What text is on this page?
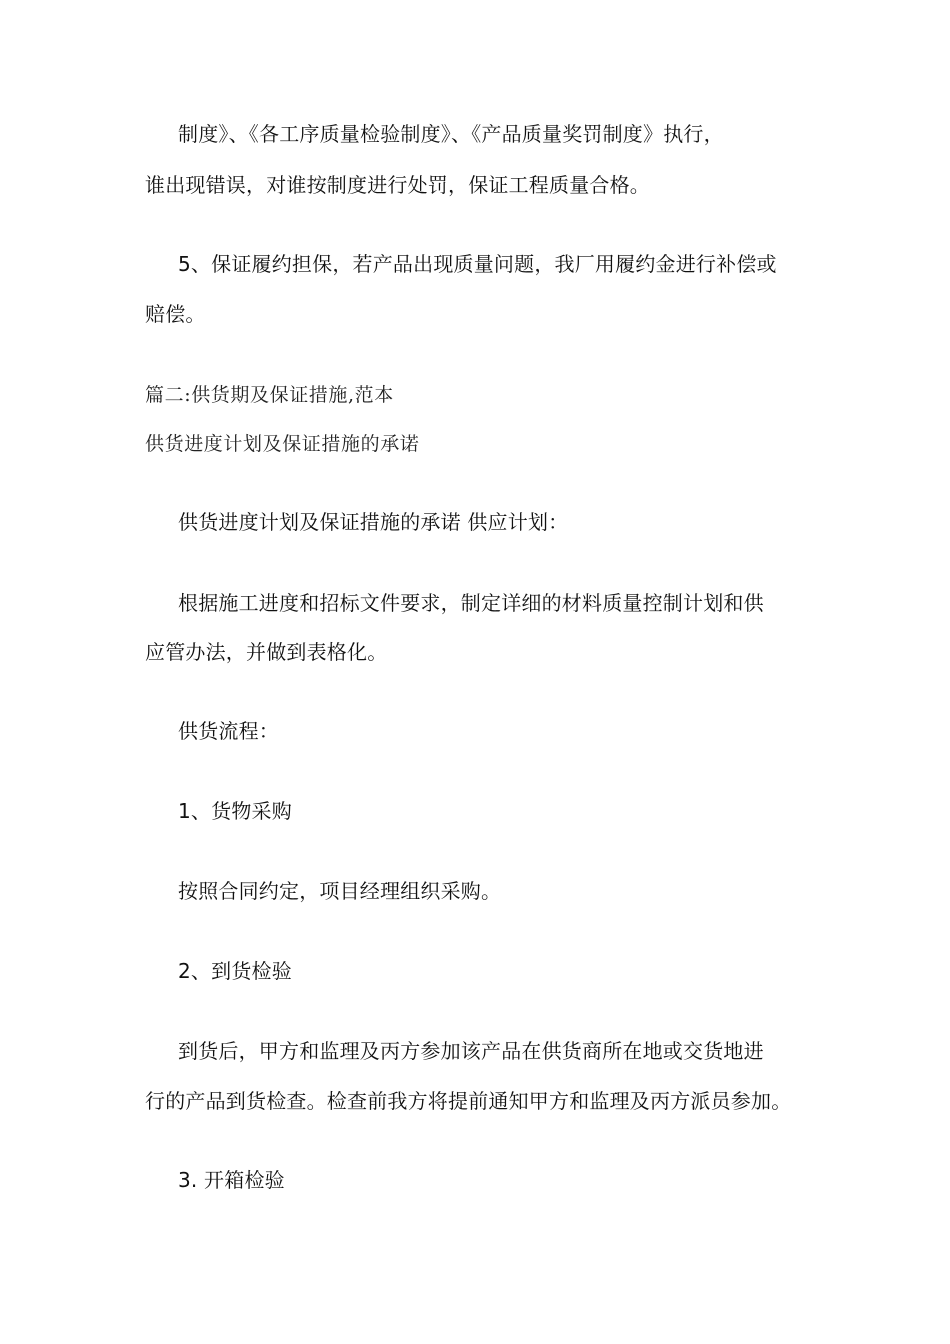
制度》、《各工序质量检验制度》、《产品质量奖罚制度》执行，
谁出现错误，对谁按制度进行处罚，保证工程质量合格。
5、保证履约担保，若产品出现质量问题，我厂用履约金进行补偿或
赔偿。
篇二:供货期及保证措施,范本
供货进度计划及保证措施的承诺
供货进度计划及保证措施的承诺 供应计划：
根据施工进度和招标文件要求，制定详细的材料质量控制计划和供
应管办法，并做到表格化。
供货流程：
1、货物采购
按照合同约定，项目经理组织采购。
2、到货检验
到货后，甲方和监理及丙方参加该产品在供货商所在地或交货地进
行的产品到货检查。检查前我方将提前通知甲方和监理及丙方派员参加。
3. 开箱检验
